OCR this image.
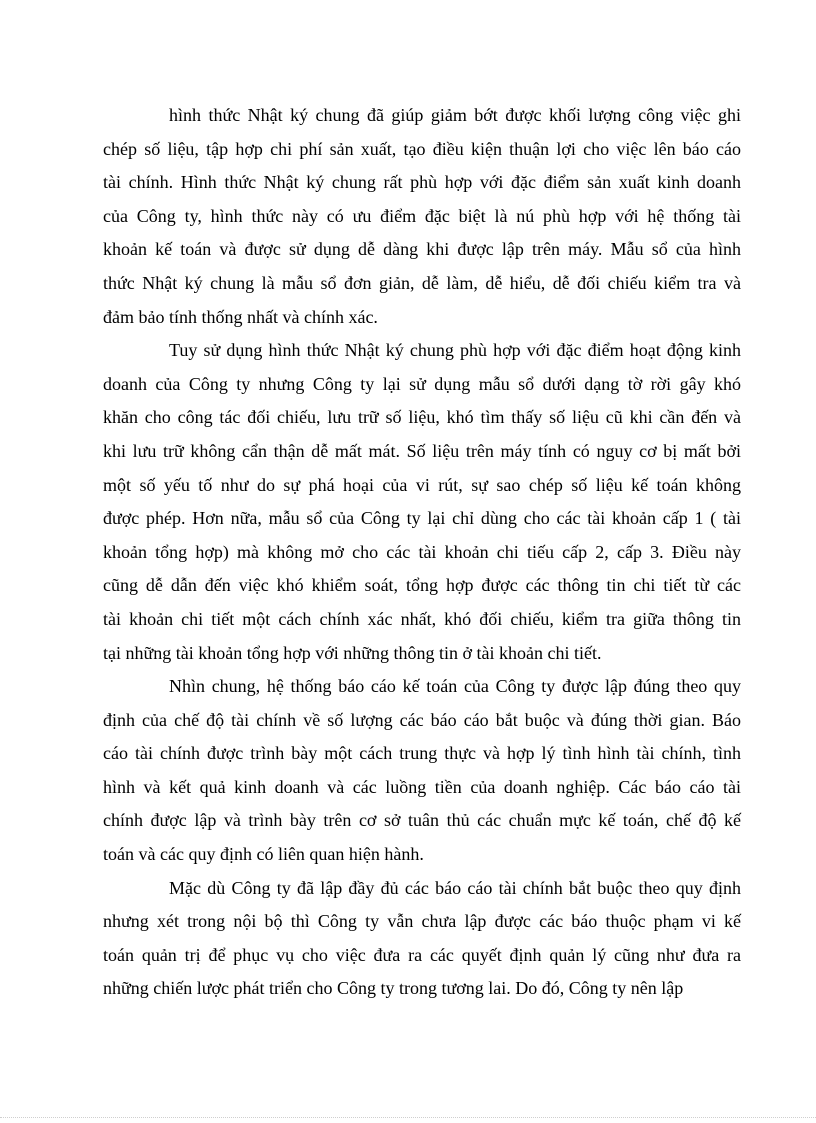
hình thức Nhật ký chung đã giúp giảm bớt được khối lượng công việc ghi
chép số liệu, tập hợp chi phí sản xuất, tạo điều kiện thuận lợi cho việc lên báo cáo
tài chính. Hình thức Nhật ký chung rất phù hợp với đặc điểm sản xuất kinh doanh
của Công ty, hình thức này có ưu điểm đặc biệt là nú phù hợp với hệ thống tài
khoản kế toán và được sử dụng dễ dàng khi được lập trên máy. Mẫu sổ của hình
thức Nhật ký chung là mẫu sổ đơn giản, dễ làm, dễ hiểu, dễ đối chiếu kiểm tra và
đảm bảo tính thống nhất và chính xác.
Tuy sử dụng hình thức Nhật ký chung phù hợp với đặc điểm hoạt động kinh
doanh của Công ty nhưng Công ty lại sử dụng mẫu sổ dưới dạng tờ rời gây khó
khăn cho công tác đối chiếu, lưu trữ số liệu, khó tìm thấy số liệu cũ khi cần đến và
khi lưu trữ không cẩn thận dễ mất mát. Số liệu trên máy tính có nguy cơ bị mất bởi
một số yếu tố như do sự phá hoại của vi rút, sự sao chép số liệu kế toán không
được phép. Hơn nữa, mẫu sổ của Công ty lại chỉ dùng cho các tài khoản cấp 1 ( tài
khoản tổng hợp) mà không mở cho các tài khoản chi tiếu cấp 2, cấp 3. Điều này
cũng dễ dẫn đến việc khó khiểm soát, tổng hợp được các thông tin chi tiết từ các
tài khoản chi tiết một cách chính xác nhất, khó đối chiếu, kiểm tra giữa thông tin
tại những tài khoản tổng hợp với những thông tin ở tài khoản chi tiết.
Nhìn chung, hệ thống báo cáo kế toán của Công ty được lập đúng theo quy
định của chế độ tài chính về số lượng các báo cáo bắt buộc và đúng thời gian. Báo
cáo tài chính được trình bày một cách trung thực và hợp lý tình hình tài chính, tình
hình và kết quả kinh doanh và các luồng tiền của doanh nghiệp. Các báo cáo tài
chính được lập và trình bày trên cơ sở tuân thủ các chuẩn mực kế toán, chế độ kế
toán và các quy định có liên quan hiện hành.
Mặc dù Công ty đã lập đầy đủ các báo cáo tài chính bắt buộc theo quy định
nhưng xét trong nội bộ thì Công ty vẫn chưa lập được các báo thuộc phạm vi kế
toán quản trị để phục vụ cho việc đưa ra các quyết định quản lý cũng như đưa ra
những chiến lược phát triển cho Công ty trong tương lai. Do đó, Công ty nên lập
